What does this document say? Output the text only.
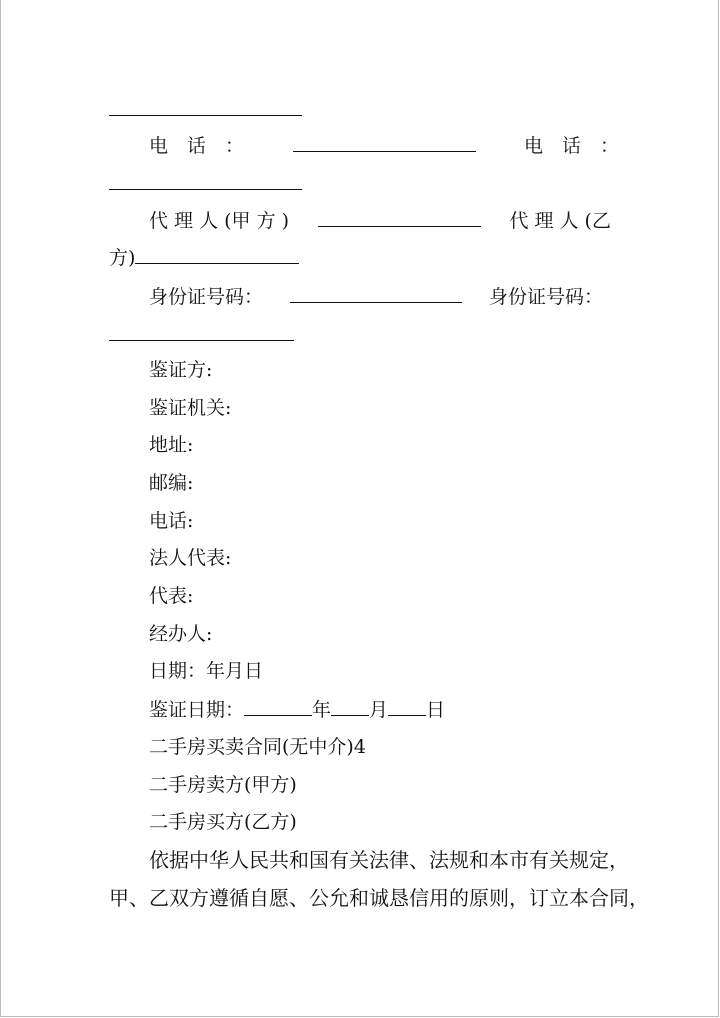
电　话　：	电　话　：
代 理 人 (甲 方 )	代 理 人 (乙
方)
身份证号码：	身份证号码：
鉴证方:
鉴证机关:
地址:
邮编:
电话:
法人代表:
代表:
经办人:
日期：年月日
鉴证日期：	年 月 日
二手房买卖合同(无中介)4
二手房卖方(甲方)
二手房买方(乙方)
依据中华人民共和国有关法律、法规和本市有关规定，
甲、乙双方遵循自愿、公允和诚恳信用的原则，订立本合同，
